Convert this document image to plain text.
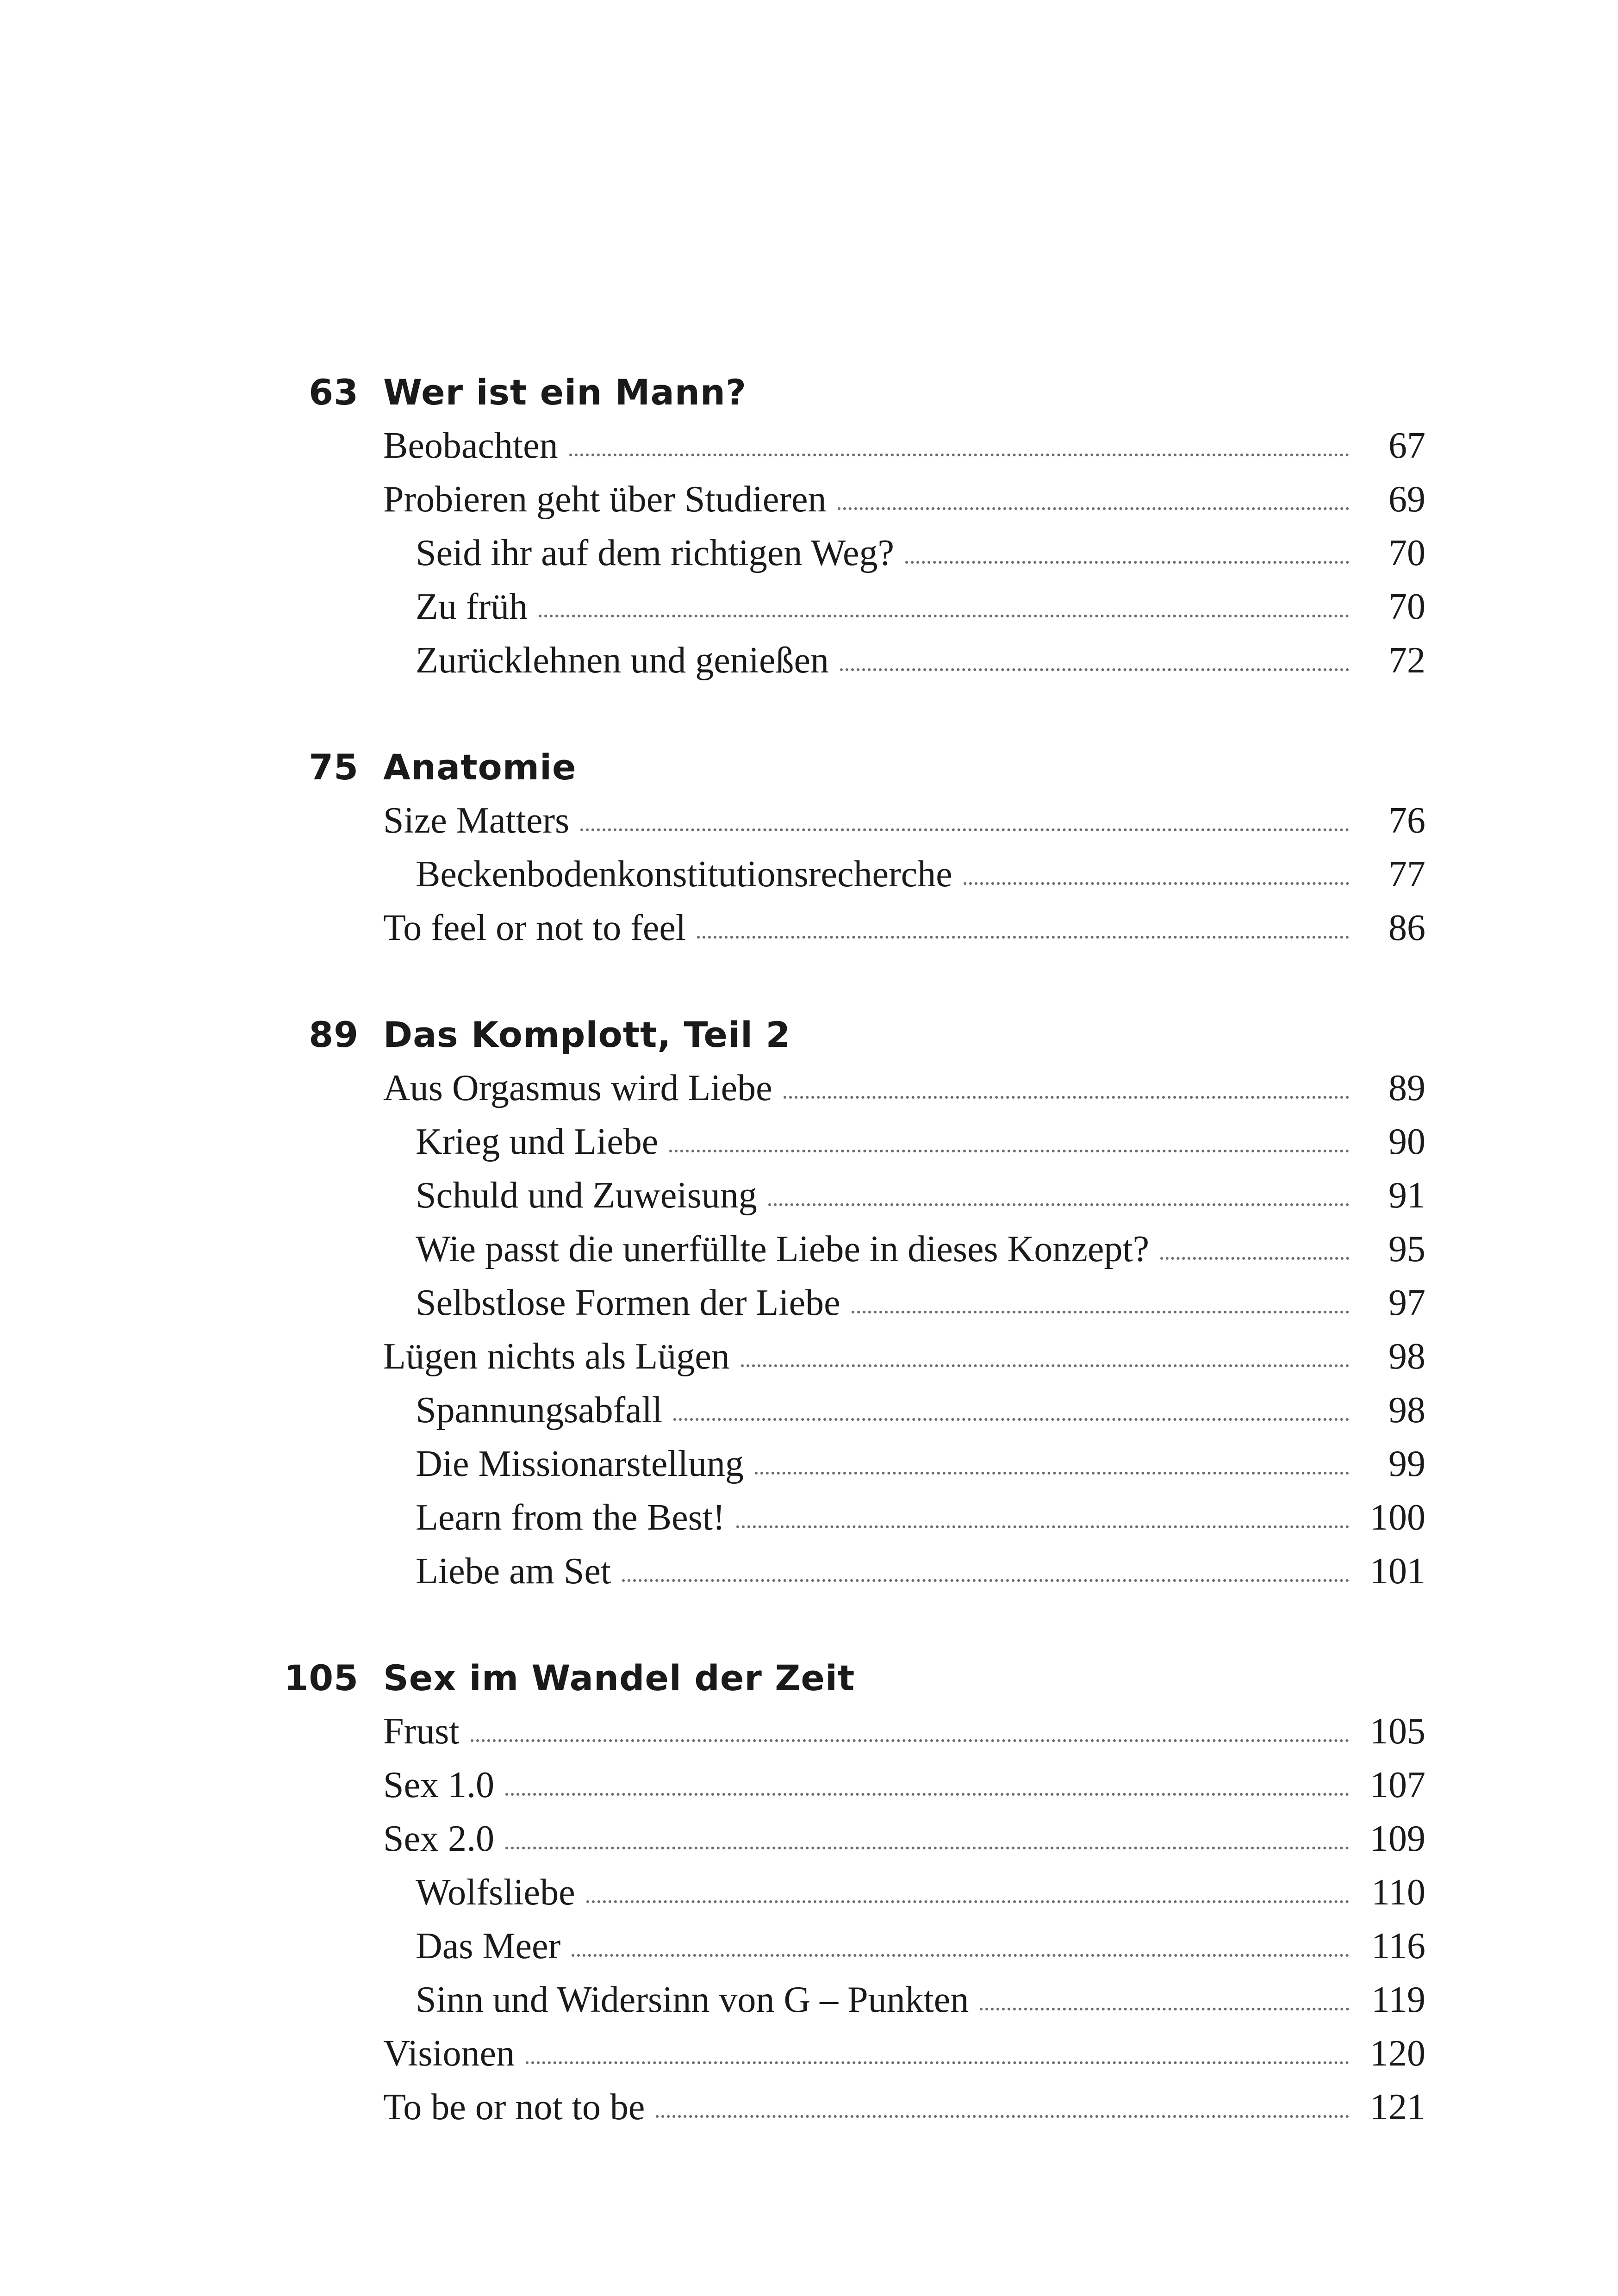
63 Wer ist ein Mann?
Beobachten	67
Probieren geht über Studieren	69
Seid ihr auf dem richtigen Weg?	70
Zu früh	70
Zurücklehnen und genießen	72
75 Anatomie
Size Matters	76
Beckenbodenkonstitutionsrecherche	77
To feel or not to feel	86
89 Das Komplott, Teil 2
Aus Orgasmus wird Liebe	89
Krieg und Liebe	90
Schuld und Zuweisung	91
Wie passt die unerfüllte Liebe in dieses Konzept?	95
Selbstlose Formen der Liebe	97
Lügen nichts als Lügen	98
Spannungsabfall	98
Die Missionarstellung	99
Learn from the Best!	100
Liebe am Set	101
105 Sex im Wandel der Zeit
Frust	105
Sex 1.0	107
Sex 2.0	109
Wolfsliebe	110
Das Meer	116
Sinn und Widersinn von G – Punkten	119
Visionen	120
To be or not to be	121
